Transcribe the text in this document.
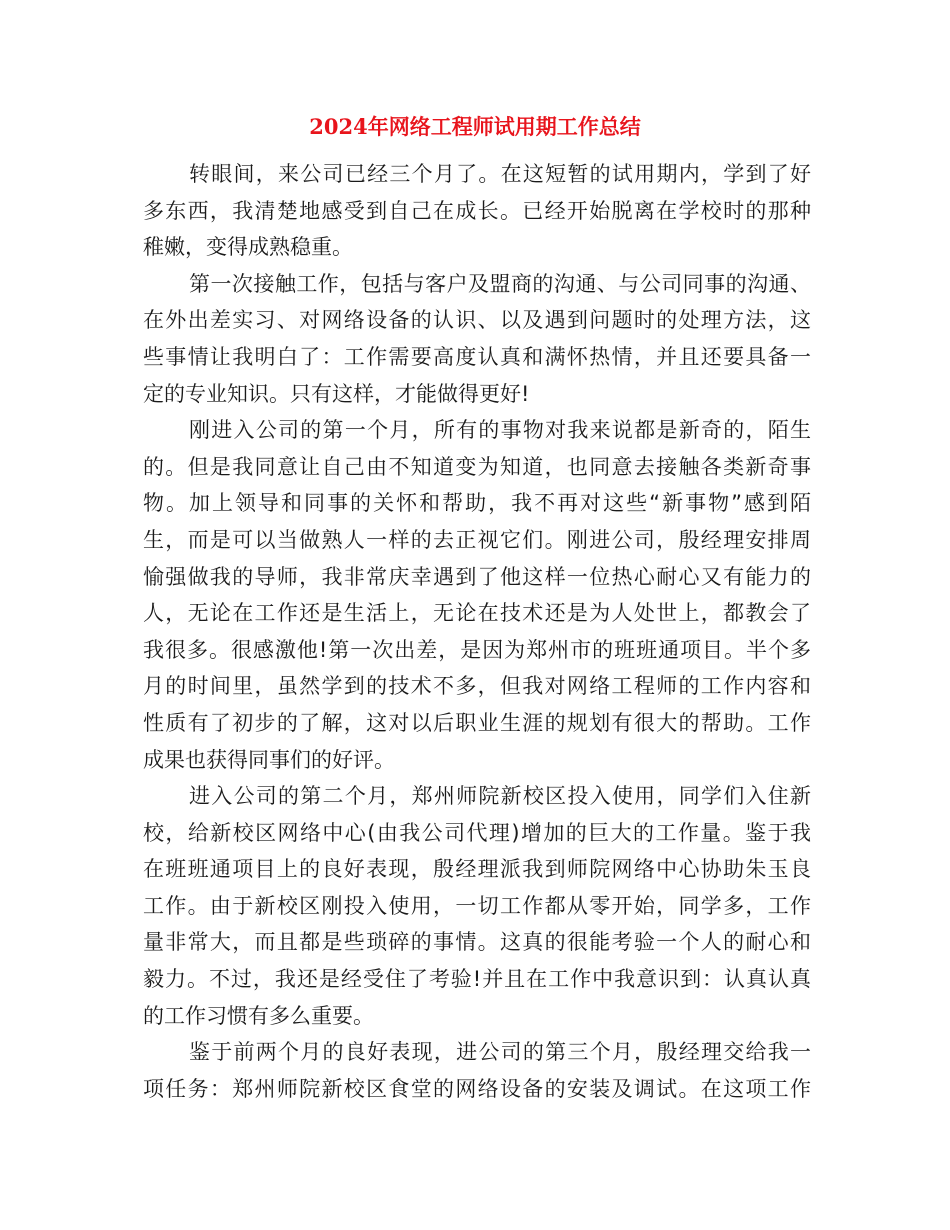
2024年网络工程师试用期工作总结
转眼间，来公司已经三个月了。在这短暂的试用期内，学到了好
多东西，我清楚地感受到自己在成长。已经开始脱离在学校时的那种
稚嫩，变得成熟稳重。
第一次接触工作，包括与客户及盟商的沟通、与公司同事的沟通、
在外出差实习、对网络设备的认识、以及遇到问题时的处理方法，这
些事情让我明白了：工作需要高度认真和满怀热情，并且还要具备一
定的专业知识。只有这样，才能做得更好!
刚进入公司的第一个月，所有的事物对我来说都是新奇的，陌生
的。但是我同意让自己由不知道变为知道，也同意去接触各类新奇事
物。加上领导和同事的关怀和帮助，我不再对这些“新事物”感到陌
生，而是可以当做熟人一样的去正视它们。刚进公司，殷经理安排周
愉强做我的导师，我非常庆幸遇到了他这样一位热心耐心又有能力的
人，无论在工作还是生活上，无论在技术还是为人处世上，都教会了
我很多。很感激他!第一次出差，是因为郑州市的班班通项目。半个多
月的时间里，虽然学到的技术不多，但我对网络工程师的工作内容和
性质有了初步的了解，这对以后职业生涯的规划有很大的帮助。工作
成果也获得同事们的好评。
进入公司的第二个月，郑州师院新校区投入使用，同学们入住新
校，给新校区网络中心(由我公司代理)增加的巨大的工作量。鉴于我
在班班通项目上的良好表现，殷经理派我到师院网络中心协助朱玉良
工作。由于新校区刚投入使用，一切工作都从零开始，同学多，工作
量非常大，而且都是些琐碎的事情。这真的很能考验一个人的耐心和
毅力。不过，我还是经受住了考验!并且在工作中我意识到：认真认真
的工作习惯有多么重要。
鉴于前两个月的良好表现，进公司的第三个月，殷经理交给我一
项任务：郑州师院新校区食堂的网络设备的安装及调试。在这项工作
